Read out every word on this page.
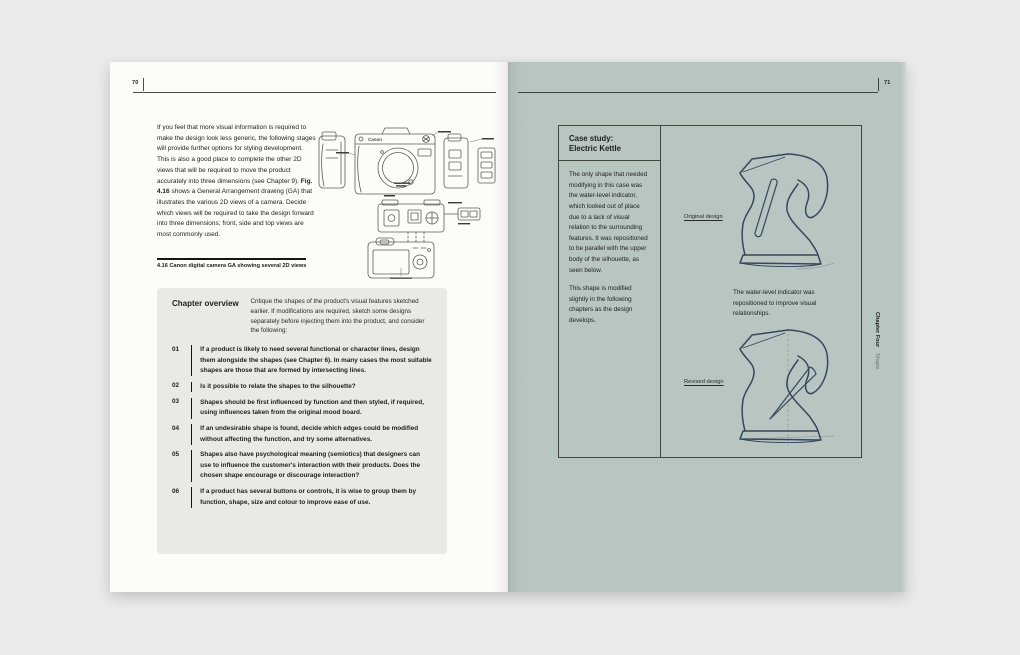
70
If you feel that more visual information is required to make the design look less generic, the following stages will provide further options for styling development. This is also a good place to complete the other 2D views that will be required to move the product accurately into three dimensions (see Chapter 9). Fig. 4.16 shows a General Arrangement drawing (GA) that illustrates the various 2D views of a camera. Decide which views will be required to take the design forward into three dimensions; front, side and top views are most commonly used.
Canon
4.16 Canon digital camera GA showing several 2D views
Chapter overview	Critique the shapes of the product's visual features sketched earlier. If modifications are required, sketch some designs separately before injecting them into the product, and consider the following:
01	If a product is likely to need several functional or character lines, design them alongside the shapes (see Chapter 6). In many cases the most suitable shapes are those that are formed by intersecting lines.
02	Is it possible to relate the shapes to the silhouette?
03	Shapes should be first influenced by function and then styled, if required, using influences taken from the original mood board.
04	If an undesirable shape is found, decide which edges could be modified without affecting the function, and try some alternatives.
05	Shapes also have psychological meaning (semiotics) that designers can use to influence the customer's interaction with their products. Does the chosen shape encourage or discourage interaction?
06	If a product has several buttons or controls, it is wise to group them by function, shape, size and colour to improve ease of use.
71
Case study:
Electric Kettle

The only shape that needed modifying in this case was the water-level indicator, which looked out of place due to a lack of visual relation to the surrounding features. It was repositioned to be parallel with the upper body of the silhouette, as seen below.

This shape is modified slightly in the following chapters as the design develops.

Original design
The water-level indicator was repositioned to improve visual relationships.
Revised design
Chapter Four Shape
